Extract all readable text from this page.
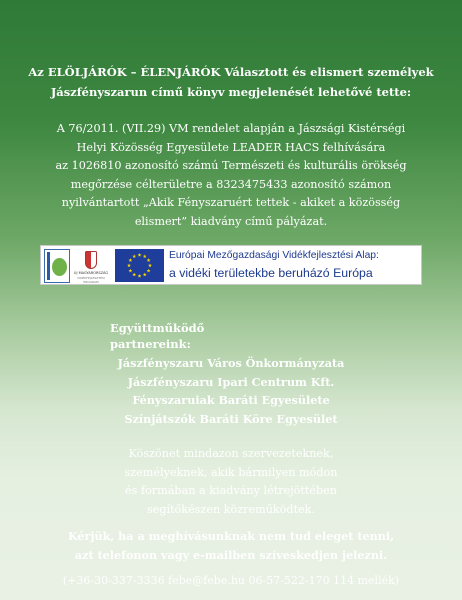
Az ELÖLJÁRÓK – ÉLENJÁRÓK Választott és elismert személyek
Jászfényszarun című könyv megjelenését lehetővé tette:
A 76/2011. (VII.29) VM rendelet alapján a Jászsági Kistérségi
Helyi Közösség Egyesülete LEADER HACS felhívására
az 1026810 azonosító számú Természeti és kulturális örökség
megőrzése célterületre a 8323475433 azonosító számon
nyilvántartott „Akik Fényszaruért tettek - akiket a közösség
elismert” kiadvány című pályázat.
ÚJ MAGYARORSZÁG
VIDÉKFEJLESZTÉSI PROGRAM
Európai Mezőgazdasági Vidékfejlesztési Alap:
a vidéki területekbe beruházó Európa
Együttműködő partnereink:
Jászfényszaru Város Önkormányzata
Jászfényszaru Ipari Centrum Kft.
Fényszaruiak Baráti Egyesülete
Színjátszók Baráti Köre Egyesület
Köszönet mindazon szervezeteknek,
személyeknek, akik bármilyen módon
és formában a kiadvány létrejöttében
segítőkészen közreműködtek.
Kérjük, ha a meghívásunknak nem tud eleget tenni,
azt telefonon vagy e-mailben szíveskedjen jelezni.
(+36-30-337-3336 febe@febe.hu 06-57-522-170 114 mellék)
